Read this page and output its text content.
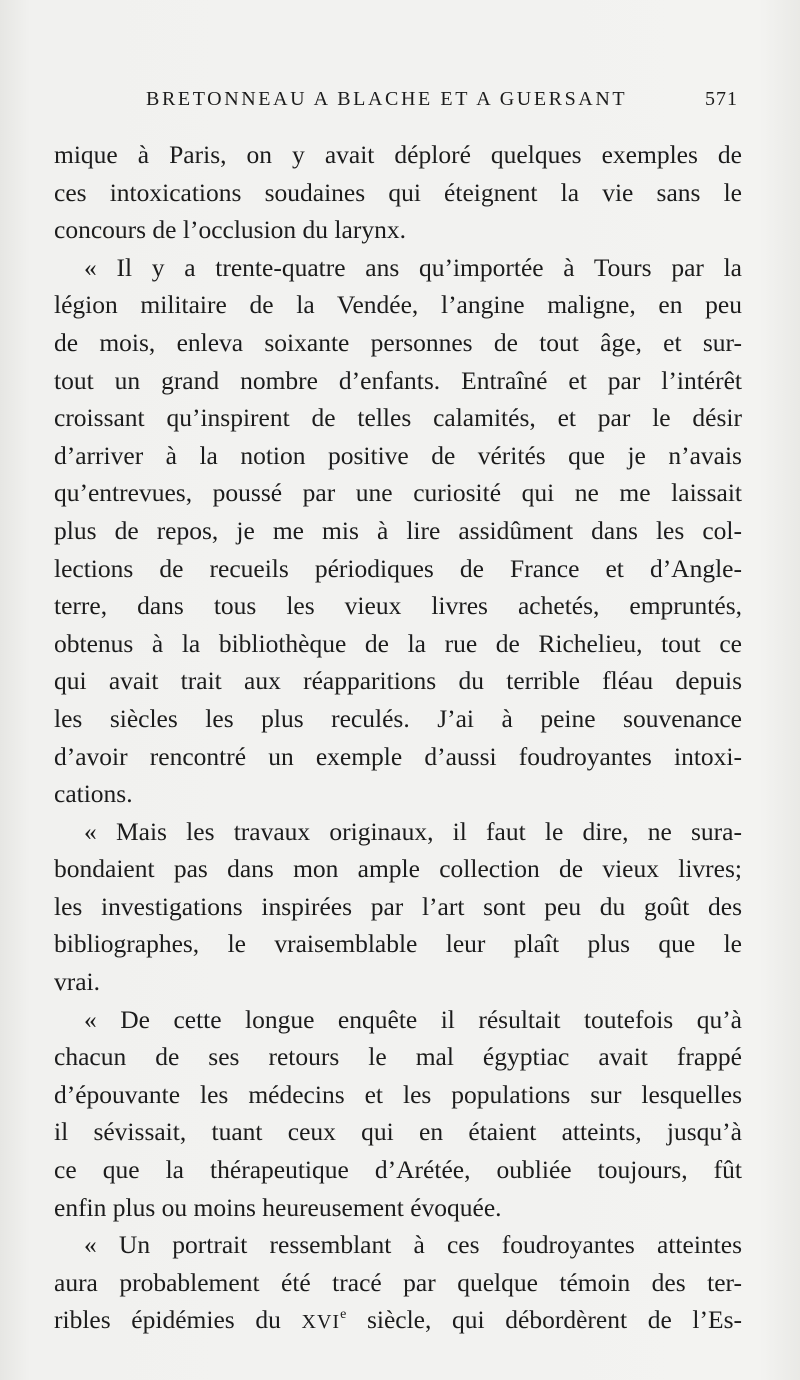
BRETONNEAU A BLACHE ET A GUERSANT	571
mique à Paris, on y avait déploré quelques exemples de
ces intoxications soudaines qui éteignent la vie sans le
concours de l’occlusion du larynx.
« Il y a trente-quatre ans qu’importée à Tours par la
légion militaire de la Vendée, l’angine maligne, en peu
de mois, enleva soixante personnes de tout âge, et sur-
tout un grand nombre d’enfants. Entraîné et par l’intérêt
croissant qu’inspirent de telles calamités, et par le désir
d’arriver à la notion positive de vérités que je n’avais
qu’entrevues, poussé par une curiosité qui ne me laissait
plus de repos, je me mis à lire assidûment dans les col-
lections de recueils périodiques de France et d’Angle-
terre, dans tous les vieux livres achetés, empruntés,
obtenus à la bibliothèque de la rue de Richelieu, tout ce
qui avait trait aux réapparitions du terrible fléau depuis
les siècles les plus reculés. J’ai à peine souvenance
d’avoir rencontré un exemple d’aussi foudroyantes intoxi-
cations.
« Mais les travaux originaux, il faut le dire, ne sura-
bondaient pas dans mon ample collection de vieux livres;
les investigations inspirées par l’art sont peu du goût des
bibliographes, le vraisemblable leur plaît plus que le
vrai.
« De cette longue enquête il résultait toutefois qu’à
chacun de ses retours le mal égyptiac avait frappé
d’épouvante les médecins et les populations sur lesquelles
il sévissait, tuant ceux qui en étaient atteints, jusqu’à
ce que la thérapeutique d’Arétée, oubliée toujours, fût
enfin plus ou moins heureusement évoquée.
« Un portrait ressemblant à ces foudroyantes atteintes
aura probablement été tracé par quelque témoin des ter-
ribles épidémies du XVIe siècle, qui débordèrent de l’Es-
